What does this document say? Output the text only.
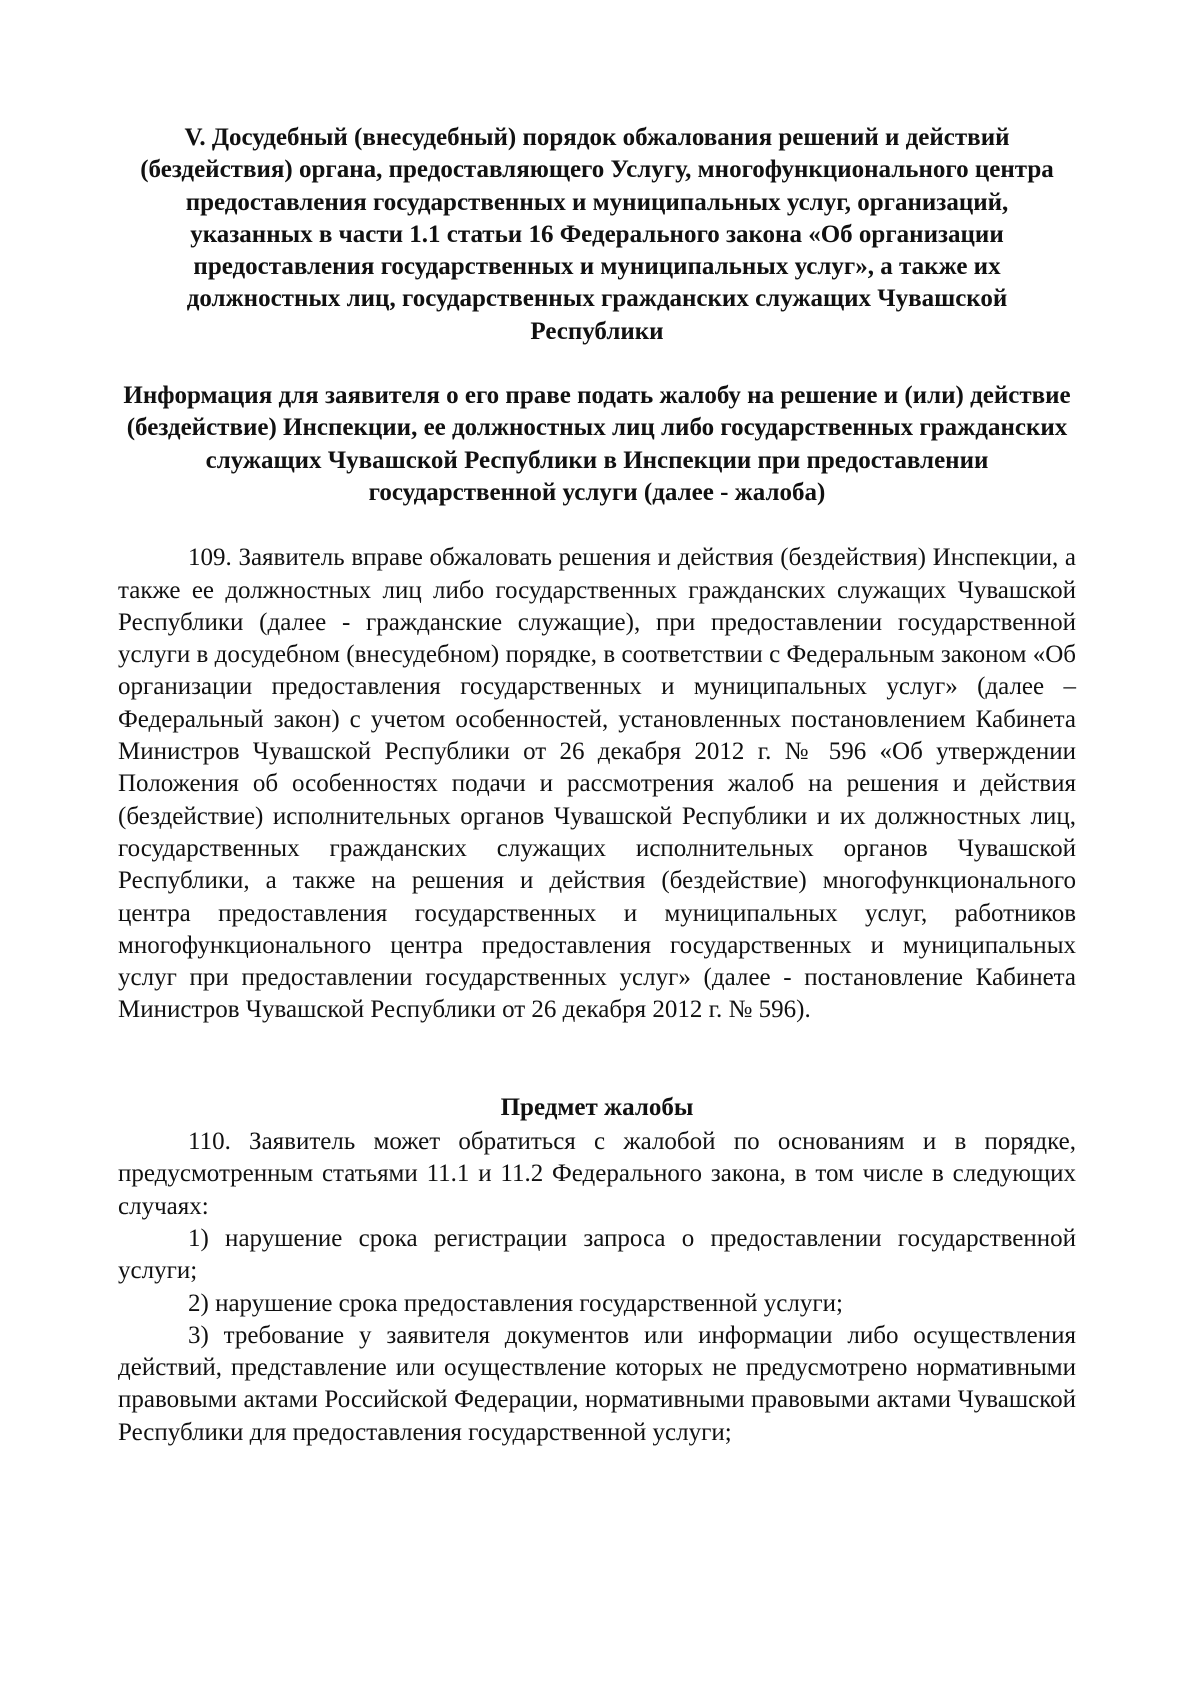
V. Досудебный (внесудебный) порядок обжалования решений и действий (бездействия) органа, предоставляющего Услугу, многофункционального центра предоставления государственных и муниципальных услуг, организаций, указанных в части 1.1 статьи 16 Федерального закона «Об организации предоставления государственных и муниципальных услуг», а также их должностных лиц, государственных гражданских служащих Чувашской Республики

Информация для заявителя о его праве подать жалобу на решение и (или) действие (бездействие) Инспекции, ее должностных лиц либо государственных гражданских служащих Чувашской Республики в Инспекции при предоставлении государственной услуги (далее - жалоба)

109. Заявитель вправе обжаловать решения и действия (бездействия) Инспекции, а также ее должностных лиц либо государственных гражданских служащих Чувашской Республики (далее - гражданские служащие), при предоставлении государственной услуги в досудебном (внесудебном) порядке, в соответствии с Федеральным законом «Об организации предоставления государственных и муниципальных услуг» (далее – Федеральный закон) с учетом особенностей, установленных постановлением Кабинета Министров Чувашской Республики от 26 декабря 2012 г. № 596 «Об утверждении Положения об особенностях подачи и рассмотрения жалоб на решения и действия (бездействие) исполнительных органов Чувашской Республики и их должностных лиц, государственных гражданских служащих исполнительных органов Чувашской Республики, а также на решения и действия (бездействие) многофункционального центра предоставления государственных и муниципальных услуг, работников многофункционального центра предоставления государственных и муниципальных услуг при предоставлении государственных услуг» (далее - постановление Кабинета Министров Чувашской Республики от 26 декабря 2012 г. № 596).

Предмет жалобы

110. Заявитель может обратиться с жалобой по основаниям и в порядке, предусмотренным статьями 11.1 и 11.2 Федерального закона, в том числе в следующих случаях:

1) нарушение срока регистрации запроса о предоставлении государственной услуги;

2) нарушение срока предоставления государственной услуги;

3) требование у заявителя документов или информации либо осуществления действий, представление или осуществление которых не предусмотрено нормативными правовыми актами Российской Федерации, нормативными правовыми актами Чувашской Республики для предоставления государственной услуги;
